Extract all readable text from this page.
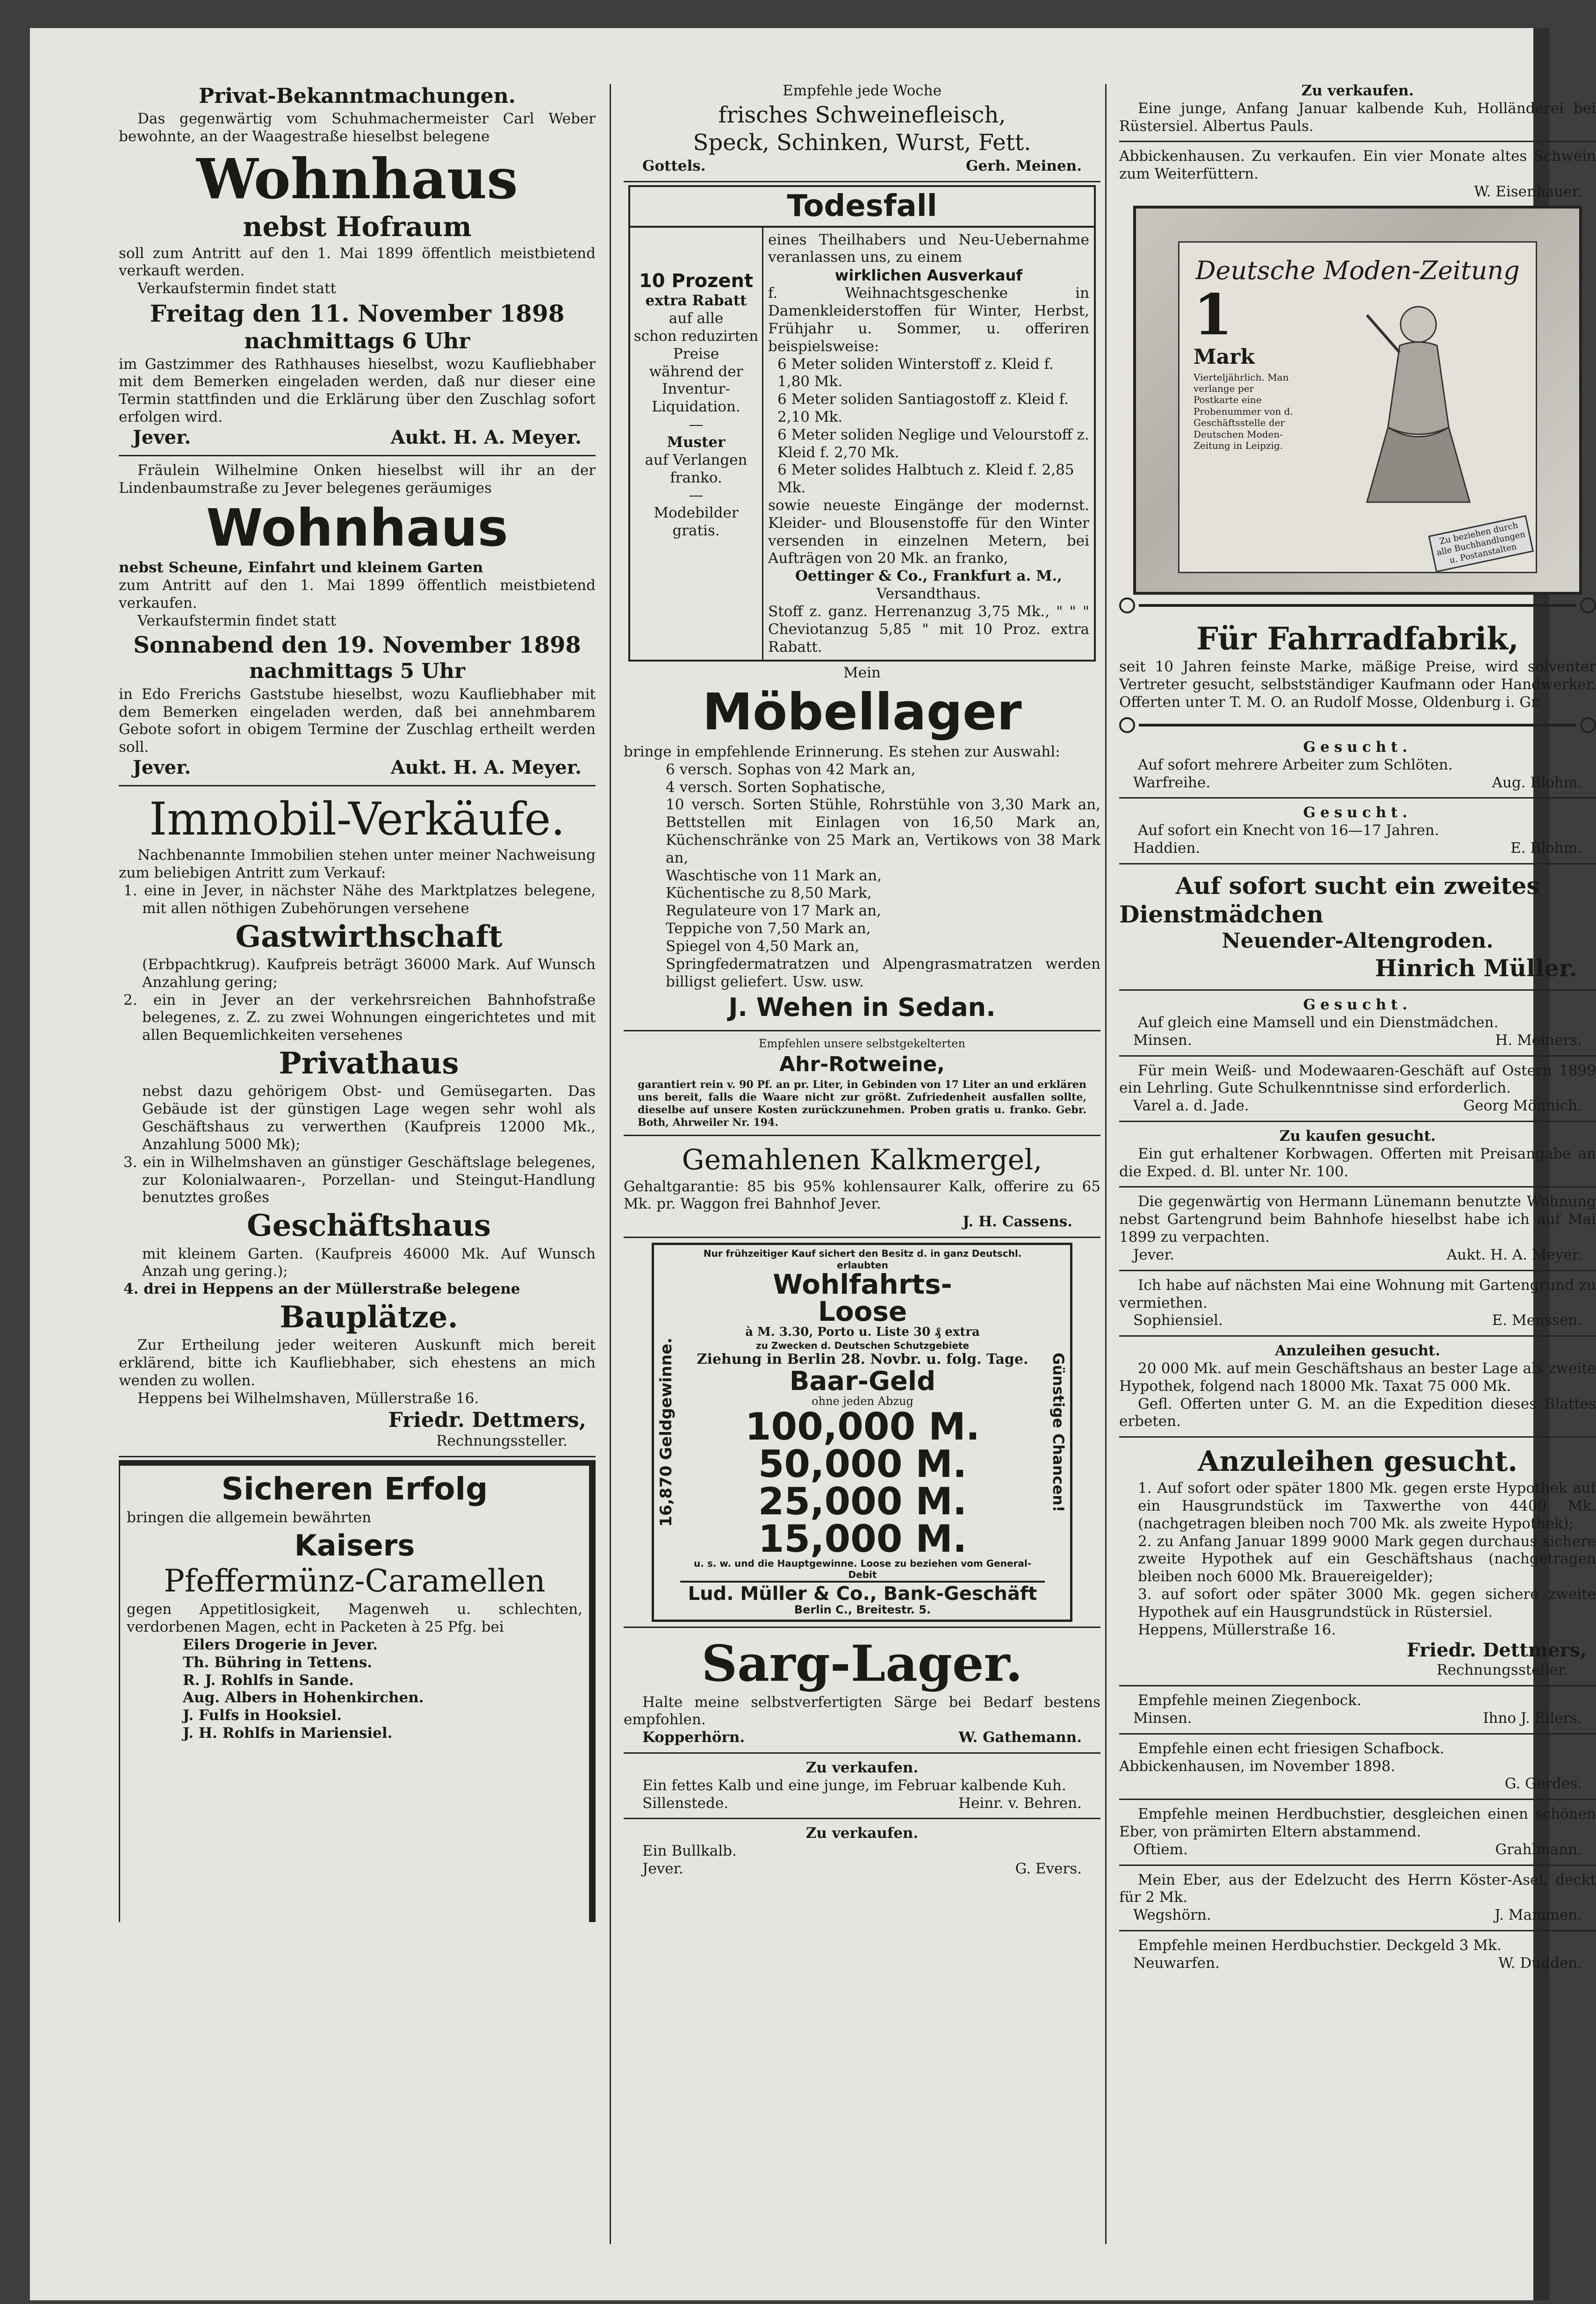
Privat-Bekanntmachungen.

Das gegenwärtig vom Schuhmachermeister Carl Weber bewohnte, an der Waagestraße hieselbst belegene

Wohnhaus
nebst Hofraum

soll zum Antritt auf den 1. Mai 1899 öffentlich meistbietend verkauft werden.

Verkaufstermin findet statt

Freitag den 11. November 1898
nachmittags 6 Uhr

im Gastzimmer des Rathhauses hieselbst, wozu Kaufliebhaber mit dem Bemerken eingeladen werden, daß nur dieser eine Termin stattfinden und die Erklärung über den Zuschlag sofort erfolgen wird.

Jever.	Aukt. H. A. Meyer.

Fräulein Wilhelmine Onken hieselbst will ihr an der Lindenbaumstraße zu Jever belegenes geräumiges

Wohnhaus

nebst Scheune, Einfahrt und kleinem Garten

zum Antritt auf den 1. Mai 1899 öffentlich meistbietend verkaufen.

Verkaufstermin findet statt

Sonnabend den 19. November 1898
nachmittags 5 Uhr

in Edo Frerichs Gaststube hieselbst, wozu Kaufliebhaber mit dem Bemerken eingeladen werden, daß bei annehmbarem Gebote sofort in obigem Termine der Zuschlag ertheilt werden soll.

Jever.	Aukt. H. A. Meyer.
Immobil-Verkäufe.

Nachbenannte Immobilien stehen unter meiner Nachweisung zum beliebigen Antritt zum Verkauf:

1. eine in Jever, in nächster Nähe des Marktplatzes belegene, mit allen nöthigen Zubehörungen versehene

Gastwirthschaft

(Erbpachtkrug). Kaufpreis beträgt 36000 Mark. Auf Wunsch Anzahlung gering;

2. ein in Jever an der verkehrsreichen Bahnhofstraße belegenes, z. Z. zu zwei Wohnungen eingerichtetes und mit allen Bequemlichkeiten versehenes

Privathaus

nebst dazu gehörigem Obst- und Gemüsegarten. Das Gebäude ist der günstigen Lage wegen sehr wohl als Geschäftshaus zu verwerthen (Kaufpreis 12000 Mk., Anzahlung 5000 Mk);

3. ein in Wilhelmshaven an günstiger Geschäftslage belegenes, zur Kolonialwaaren-, Porzellan- und Steingut-Handlung benutztes großes

Geschäftshaus

mit kleinem Garten. (Kaufpreis 46000 Mk. Auf Wunsch Anzah ung gering.);

4. drei in Heppens an der Müllerstraße belegene

Bauplätze.

Zur Ertheilung jeder weiteren Auskunft mich bereit erklärend, bitte ich Kaufliebhaber, sich ehestens an mich wenden zu wollen.

Heppens bei Wilhelmshaven, Müllerstraße 16.

Friedr. Dettmers,
Rechnungssteller.
Sicheren Erfolg

bringen die allgemein bewährten

Kaisers
Pfeffermünz-Caramellen

gegen Appetitlosigkeit, Magenweh u. schlechten, verdorbenen Magen, echt in Packeten à 25 Pfg. bei

Eilers Drogerie in Jever.

Th. Bühring in Tettens.

R. J. Rohlfs in Sande.

Aug. Albers in Hohenkirchen.

J. Fulfs in Hooksiel.

J. H. Rohlfs in Mariensiel.

Empfehle jede Woche

frisches Schweinefleisch,
Speck, Schinken, Wurst, Fett.
Gottels.	Gerh. Meinen.
Todesfall

10 Prozent

extra Rabatt

auf alle

schon reduzirten

Preise

während der

Inventur-

Liquidation.

—

Muster

auf Verlangen

franko.

—

Modebilder

gratis.

eines Theilhabers und Neu-Uebernahme veranlassen uns, zu einem

wirklichen Ausverkauf

f. Weihnachtsgeschenke in Damenkleiderstoffen für Winter, Herbst, Frühjahr u. Sommer, u. offeriren beispielsweise:

6 Meter soliden Winterstoff z. Kleid f. 1,80 Mk.

6 Meter soliden Santiagostoff z. Kleid f. 2,10 Mk.

6 Meter soliden Neglige und Velourstoff z. Kleid f. 2,70 Mk.

6 Meter solides Halbtuch z. Kleid f. 2,85 Mk.

sowie neueste Eingänge der modernst. Kleider- und Blousenstoffe für den Winter versenden in einzelnen Metern, bei Aufträgen von 20 Mk. an franko,

Oettinger & Co., Frankfurt a. M.,

Versandthaus.

Stoff z. ganz. Herrenanzug 3,75 Mk., " " " Cheviotanzug 5,85 " mit 10 Proz. extra Rabatt.

Mein

Möbellager

bringe in empfehlende Erinnerung. Es stehen zur Auswahl:

6 versch. Sophas von 42 Mark an,

4 versch. Sorten Sophatische,

10 versch. Sorten Stühle, Rohrstühle von 3,30 Mark an, Bettstellen mit Einlagen von 16,50 Mark an, Küchenschränke von 25 Mark an, Vertikows von 38 Mark an,

Waschtische von 11 Mark an,

Küchentische zu 8,50 Mark,

Regulateure von 17 Mark an,

Teppiche von 7,50 Mark an,

Spiegel von 4,50 Mark an,

Springfedermatratzen und Alpengrasmatratzen werden billigst geliefert. Usw. usw.

J. Wehen in Sedan.

Empfehlen unsere selbstgekelterten

Ahr-Rotweine,

garantiert rein v. 90 Pf. an pr. Liter, in Gebinden von 17 Liter an und erklären uns bereit, falls die Waare nicht zur größt. Zufriedenheit ausfallen sollte, dieselbe auf unsere Kosten zurückzunehmen. Proben gratis u. franko. Gebr. Both, Ahrweiler Nr. 194.

Gemahlenen Kalkmergel,

Gehaltgarantie: 85 bis 95% kohlensaurer Kalk, offerire zu 65 Mk. pr. Waggon frei Bahnhof Jever.

J. H. Cassens.

16,870 Geldgewinne.

Nur frühzeitiger Kauf sichert den Besitz d. in ganz Deutschl. erlaubten

Wohlfahrts-
Loose

à M. 3.30, Porto u. Liste 30 ₰ extra

zu Zwecken d. Deutschen Schutzgebiete

Ziehung in Berlin 28. Novbr. u. folg. Tage.

Baar-Geld

ohne jeden Abzug

100,000 M.
50,000 M.
25,000 M.
15,000 M.

u. s. w. und die Hauptgewinne. Loose zu beziehen vom General-Debit

Lud. Müller & Co., Bank-Geschäft

Berlin C., Breitestr. 5.

Günstige Chancen!
Sarg-Lager.

Halte meine selbstverfertigten Särge bei Bedarf bestens empfohlen.

Kopperhörn.	W. Gathemann.

Zu verkaufen.

Ein fettes Kalb und eine junge, im Februar kalbende Kuh.

Sillenstede.	Heinr. v. Behren.

Zu verkaufen.

Ein Bullkalb.

Jever.	G. Evers.

Zu verkaufen.

Eine junge, Anfang Januar kalbende Kuh, Holländerei bei Rüstersiel. Albertus Pauls.

Abbickenhausen. Zu verkaufen. Ein vier Monate altes Schwein zum Weiterfüttern.

W. Eisenhauer.

Deutsche Moden-Zeitung
1
Mark

Vierteljährlich. Man verlange per Postkarte eine Probenummer von d. Geschäftsstelle der Deutschen Moden-Zeitung in Leipzig.

Zu beziehen durch alle Buchhandlungen u. Postanstalten

Für Fahrradfabrik,

seit 10 Jahren feinste Marke, mäßige Preise, wird solventer Vertreter gesucht, selbstständiger Kaufmann oder Handwerker. Offerten unter T. M. O. an Rudolf Mosse, Oldenburg i. Gr.

Gesucht.

Auf sofort mehrere Arbeiter zum Schlöten.

Warfreihe.	Aug. Blohm.

Gesucht.

Auf sofort ein Knecht von 16—17 Jahren.

Haddien.	E. Blohm.
Auf sofort sucht ein zweites
Dienstmädchen
Neuender-Altengroden.
Hinrich Müller.

Gesucht.

Auf gleich eine Mamsell und ein Dienstmädchen.

Minsen.	H. Meiners.

Für mein Weiß- und Modewaaren-Geschäft auf Ostern 1899 ein Lehrling. Gute Schulkenntnisse sind erforderlich.

Varel a. d. Jade.	Georg Mönnich.

Zu kaufen gesucht.

Ein gut erhaltener Korbwagen. Offerten mit Preisangabe an die Exped. d. Bl. unter Nr. 100.

Die gegenwärtig von Hermann Lünemann benutzte Wohnung nebst Gartengrund beim Bahnhofe hieselbst habe ich auf Mai 1899 zu verpachten.

Jever.	Aukt. H. A. Meyer.

Ich habe auf nächsten Mai eine Wohnung mit Gartengrund zu vermiethen.

Sophiensiel.	E. Menssen.

Anzuleihen gesucht.

20 000 Mk. auf mein Geschäftshaus an bester Lage als zweite Hypothek, folgend nach 18000 Mk. Taxat 75 000 Mk.

Gefl. Offerten unter G. M. an die Expedition dieses Blattes erbeten.

Anzuleihen gesucht.

1. Auf sofort oder später 1800 Mk. gegen erste Hypothek auf ein Hausgrundstück im Taxwerthe von 4400 Mk. (nachgetragen bleiben noch 700 Mk. als zweite Hypothek);

2. zu Anfang Januar 1899 9000 Mark gegen durchaus sichere zweite Hypothek auf ein Geschäftshaus (nachgetragen bleiben noch 6000 Mk. Brauereigelder);

3. auf sofort oder später 3000 Mk. gegen sichere zweite Hypothek auf ein Hausgrundstück in Rüstersiel.

Heppens, Müllerstraße 16.

Friedr. Dettmers,

Rechnungssteller.

Empfehle meinen Ziegenbock.

Minsen.	Ihno J. Eilers.

Empfehle einen echt friesigen Schafbock.

Abbickenhausen, im November 1898.

G. Gerdes.

Empfehle meinen Herdbuchstier, desgleichen einen schönen Eber, von prämirten Eltern abstammend.

Oftiem.	Grahlmann.

Mein Eber, aus der Edelzucht des Herrn Köster-Asel, deckt für 2 Mk.

Wegshörn.	J. Mammen.

Empfehle meinen Herdbuchstier. Deckgeld 3 Mk.

Neuwarfen.	W. Dudden.
